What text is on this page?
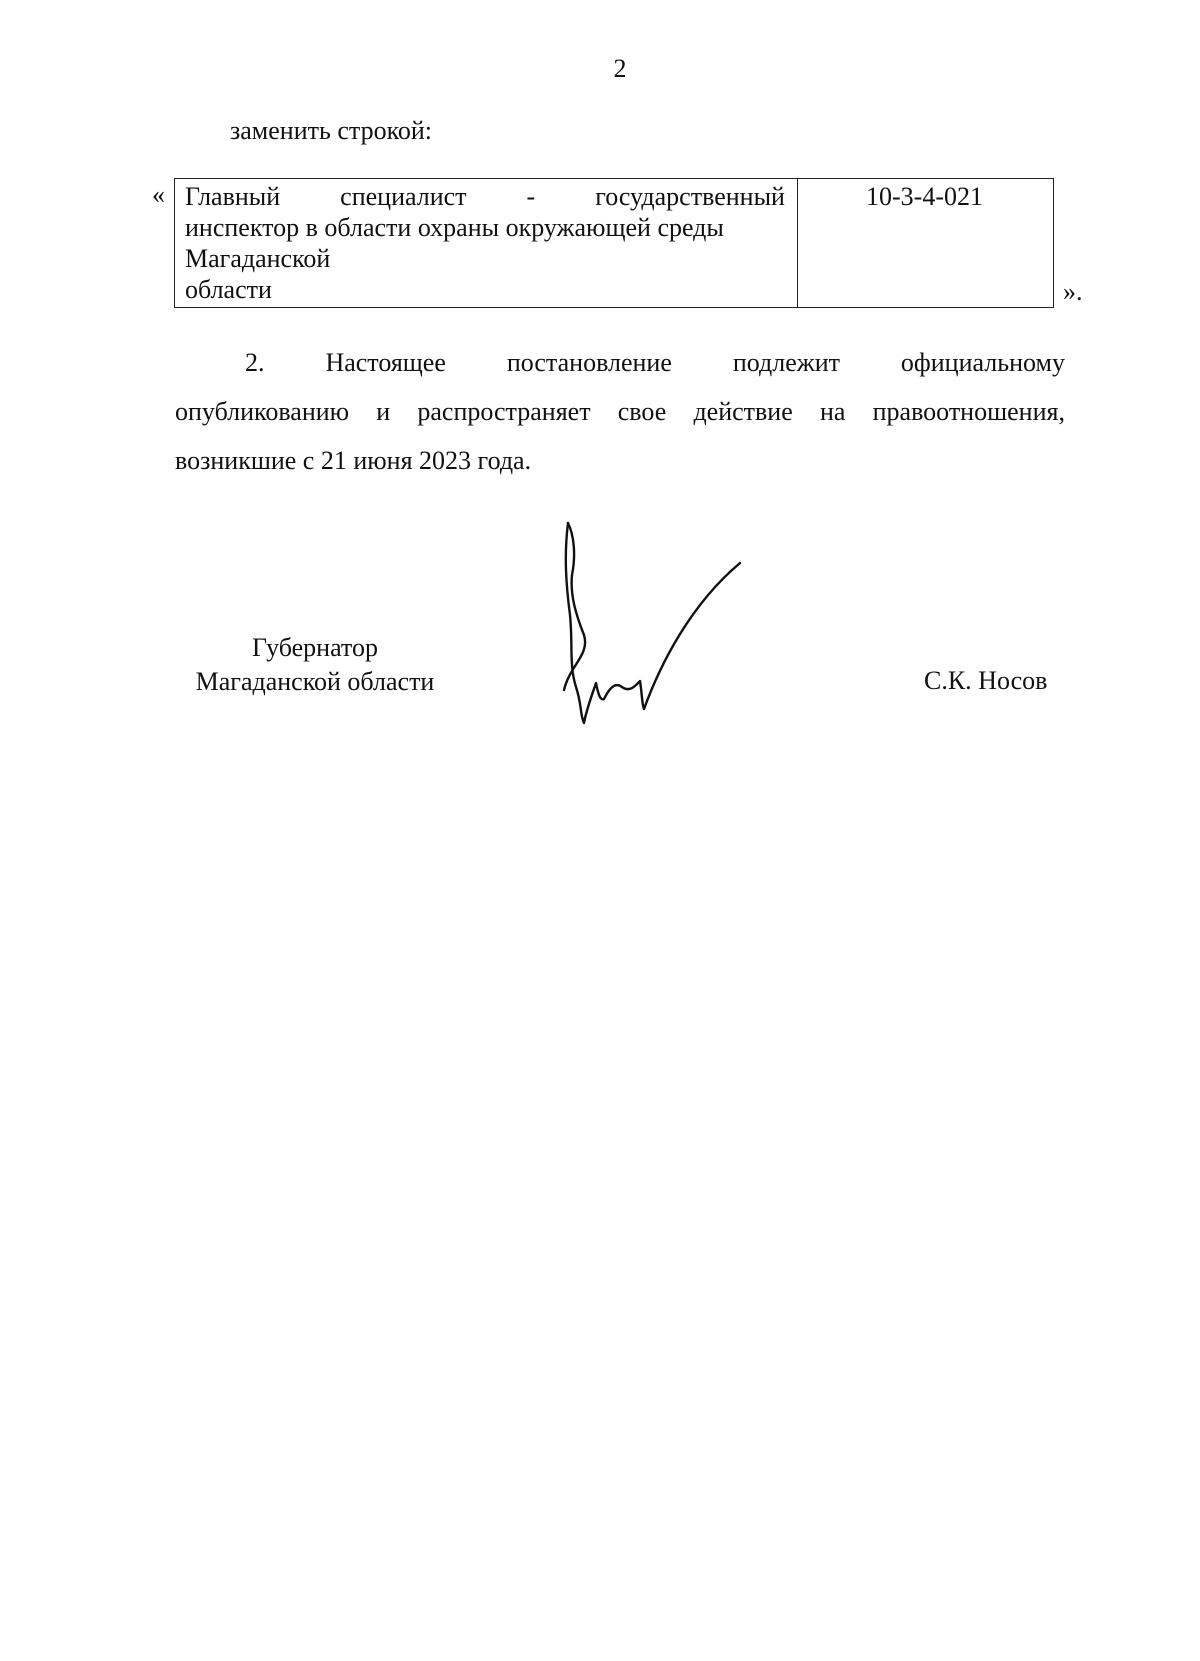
2
заменить строкой:
« Главный специалист - государственный
инспектор в области охраны окружающей среды
Магаданской
области
	10-3-4-021
».
2. Настоящее постановление подлежит официальному
опубликованию и распространяет свое действие на правоотношения,
возникшие с 21 июня 2023 года.
Губернатор
Магаданской области	С.К. Носов
